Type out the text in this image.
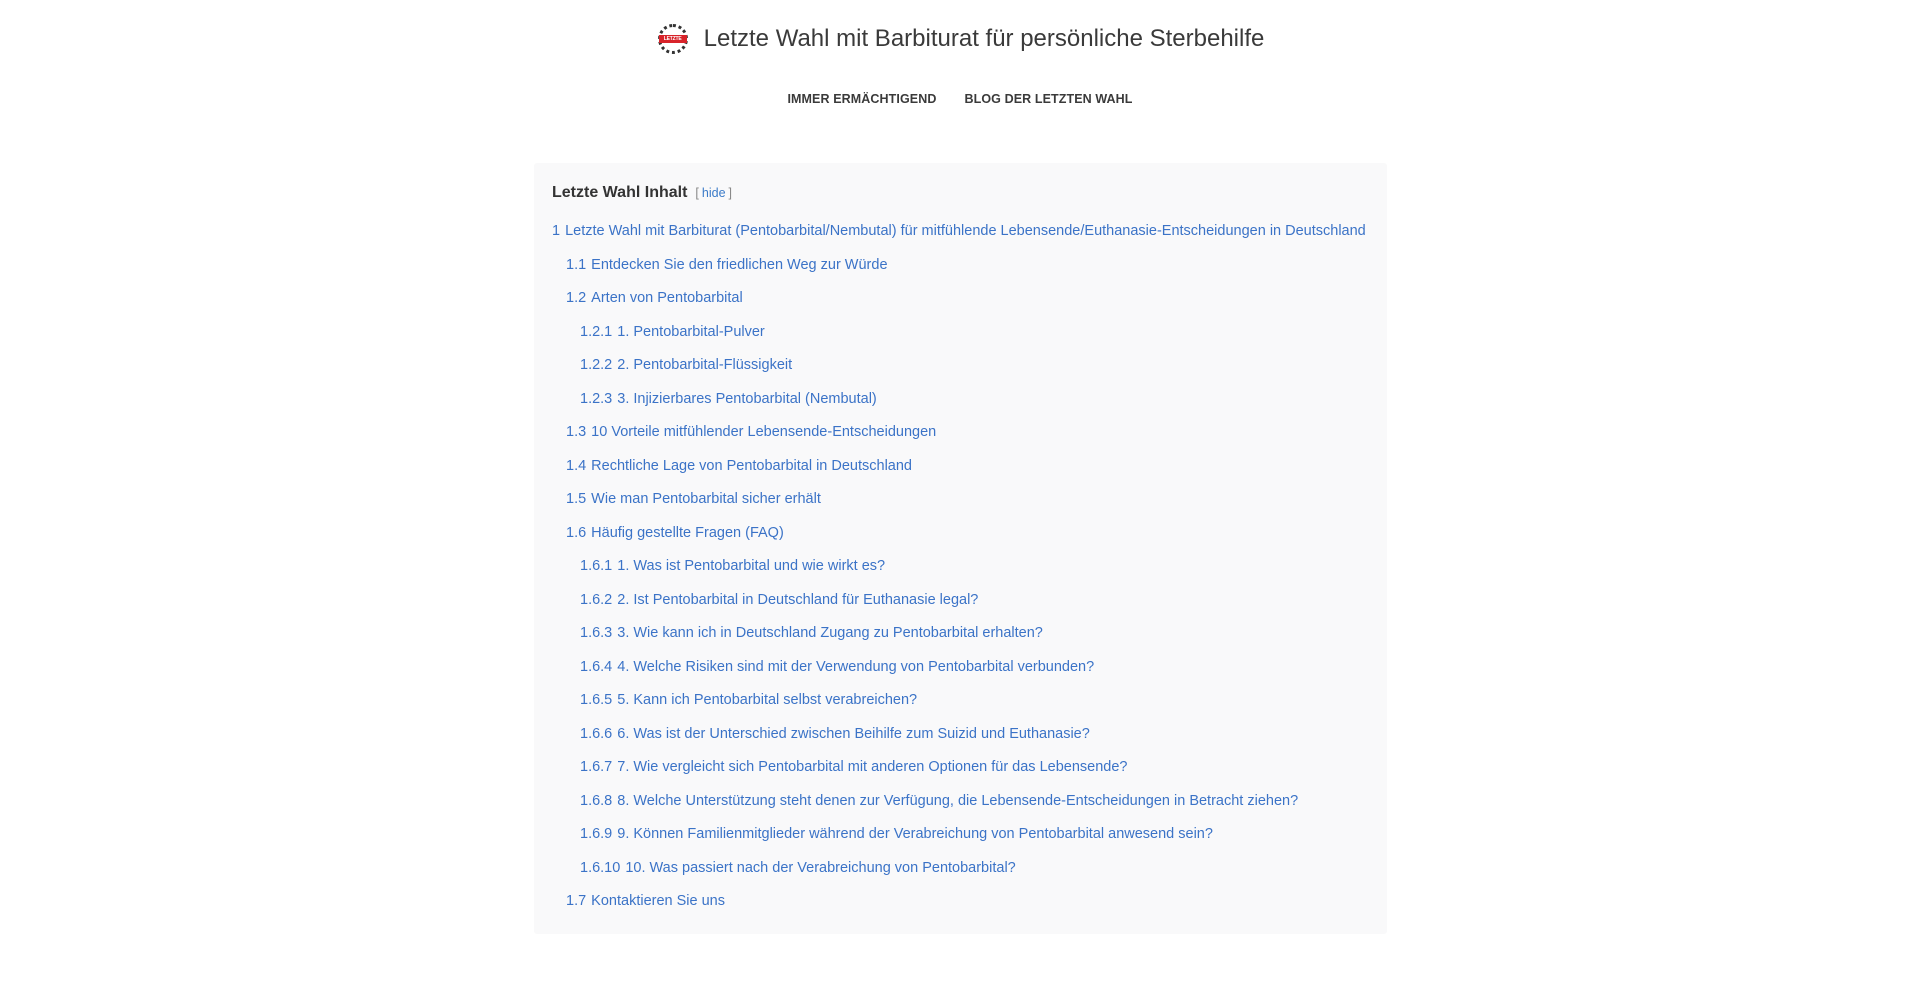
LETZTE WAHL Letzte Wahl mit Barbiturat für persönliche Sterbehilfe
IMMER ERMÄCHTIGEND BLOG DER LETZTEN WAHL
Letzte Wahl Inhalt [ hide ]
1 Letzte Wahl mit Barbiturat (Pentobarbital/Nembutal) für mitfühlende Lebensende/Euthanasie-Entscheidungen in Deutschland
1.1 Entdecken Sie den friedlichen Weg zur Würde
1.2 Arten von Pentobarbital
1.2.1 1. Pentobarbital-Pulver
1.2.2 2. Pentobarbital-Flüssigkeit
1.2.3 3. Injizierbares Pentobarbital (Nembutal)
1.3 10 Vorteile mitfühlender Lebensende-Entscheidungen
1.4 Rechtliche Lage von Pentobarbital in Deutschland
1.5 Wie man Pentobarbital sicher erhält
1.6 Häufig gestellte Fragen (FAQ)
1.6.1 1. Was ist Pentobarbital und wie wirkt es?
1.6.2 2. Ist Pentobarbital in Deutschland für Euthanasie legal?
1.6.3 3. Wie kann ich in Deutschland Zugang zu Pentobarbital erhalten?
1.6.4 4. Welche Risiken sind mit der Verwendung von Pentobarbital verbunden?
1.6.5 5. Kann ich Pentobarbital selbst verabreichen?
1.6.6 6. Was ist der Unterschied zwischen Beihilfe zum Suizid und Euthanasie?
1.6.7 7. Wie vergleicht sich Pentobarbital mit anderen Optionen für das Lebensende?
1.6.8 8. Welche Unterstützung steht denen zur Verfügung, die Lebensende-Entscheidungen in Betracht ziehen?
1.6.9 9. Können Familienmitglieder während der Verabreichung von Pentobarbital anwesend sein?
1.6.10 10. Was passiert nach der Verabreichung von Pentobarbital?
1.7 Kontaktieren Sie uns
